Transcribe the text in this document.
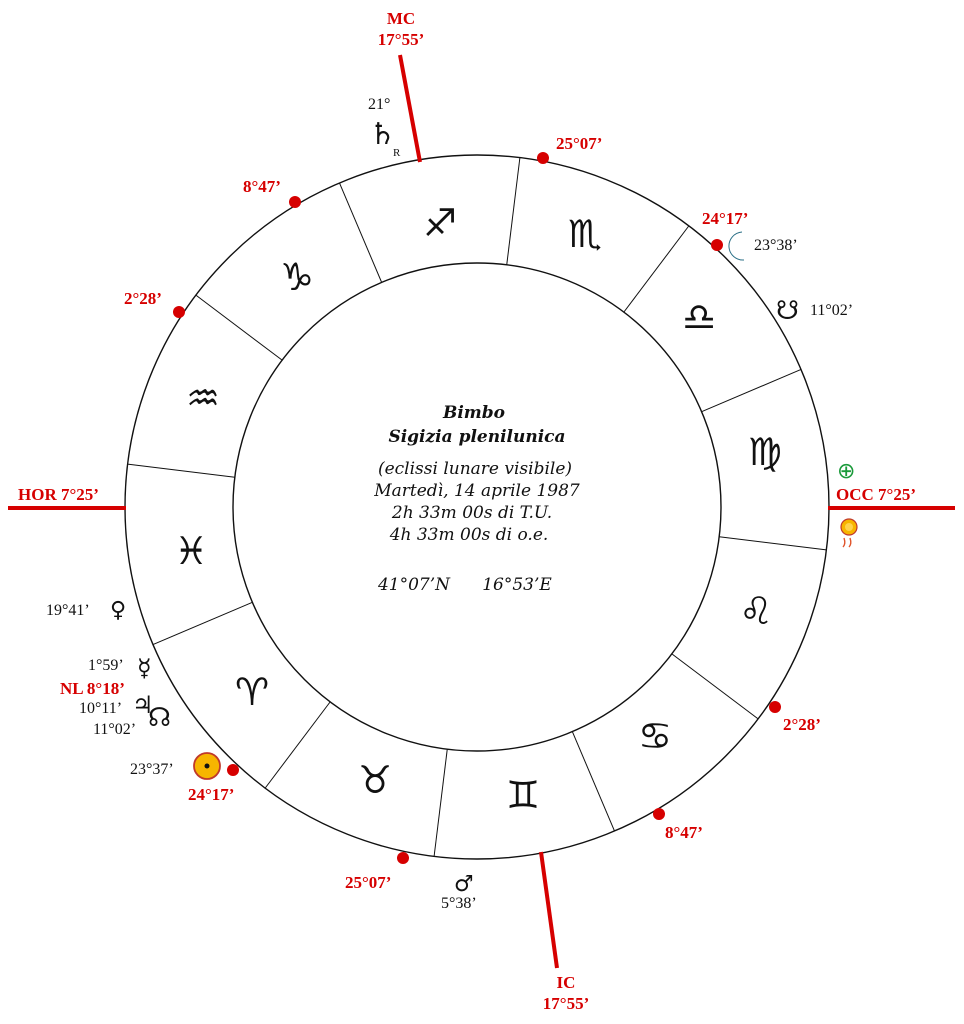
♐	♏
♎
♍
♌
♋
♊
♉
♈
♓
♒
♑
MC
17°55’
IC
17°55’
HOR 7°25’	OCC 7°25’
25°07’
24°17’
2°28’
8°47’
25°07’
24°17’
2°28’
8°47’
21°
♄
R
23°38’
☋ 11°02’
⊕
19°41’ ♀
1°59’ ☿
NL 8°18’
10°11’ ♃
11°02’ ☊
23°37’
♂
5°38’
Bimbo
Sigizia plenilunica
(eclissi lunare visibile)
Martedì, 14 aprile 1987
2h 33m 00s di T.U.
4h 33m 00s di o.e.
41°07’N 16°53’E
